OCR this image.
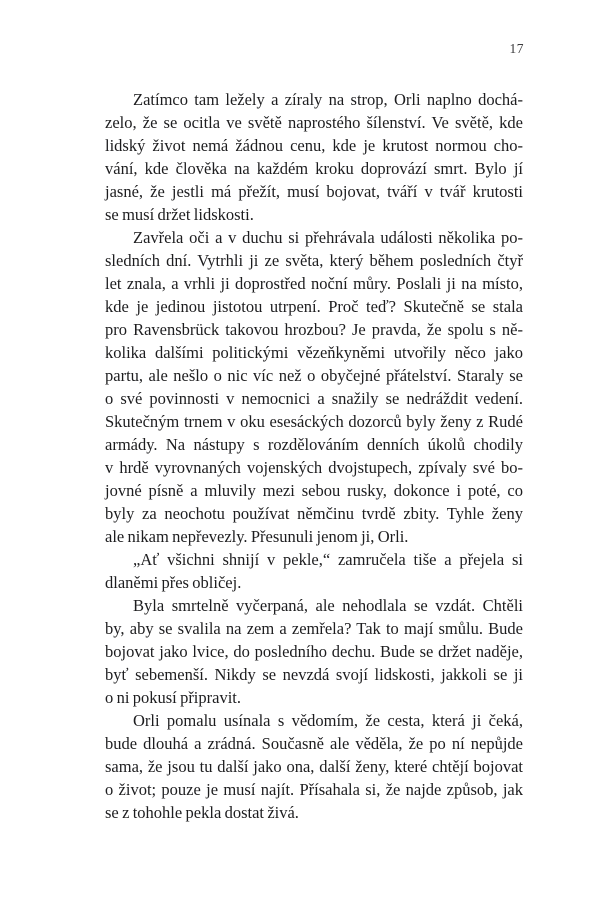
17
Zatímco tam ležely a zíraly na strop, Orli naplno dochá-
zelo, že se ocitla ve světě naprostého šílenství. Ve světě, kde
lidský život nemá žádnou cenu, kde je krutost normou cho-
vání, kde člověka na každém kroku doprovází smrt. Bylo jí
jasné, že jestli má přežít, musí bojovat, tváří v tvář krutosti
se musí držet lidskosti.
Zavřela oči a v duchu si přehrávala události několika po-
sledních dní. Vytrhli ji ze světa, který během posledních čtyř
let znala, a vrhli ji doprostřed noční můry. Poslali ji na místo,
kde je jedinou jistotou utrpení. Proč teď? Skutečně se stala
pro Ravensbrück takovou hrozbou? Je pravda, že spolu s ně-
kolika dalšími politickými vězeňkyněmi utvořily něco jako
partu, ale nešlo o nic víc než o obyčejné přátelství. Staraly se
o své povinnosti v nemocnici a snažily se nedráždit vedení.
Skutečným trnem v oku esesáckých dozorců byly ženy z Rudé
armády. Na nástupy s rozdělováním denních úkolů chodily
v hrdě vyrovnaných vojenských dvojstupech, zpívaly své bo-
jovné písně a mluvily mezi sebou rusky, dokonce i poté, co
byly za neochotu používat němčinu tvrdě zbity. Tyhle ženy
ale nikam nepřevezly. Přesunuli jenom ji, Orli.
„Ať všichni shnijí v pekle,“ zamručela tiše a přejela si
dlaněmi přes obličej.
Byla smrtelně vyčerpaná, ale nehodlala se vzdát. Chtěli
by, aby se svalila na zem a zemřela? Tak to mají smůlu. Bude
bojovat jako lvice, do posledního dechu. Bude se držet naděje,
byť sebemenší. Nikdy se nevzdá svojí lidskosti, jakkoli se ji
o ni pokusí připravit.
Orli pomalu usínala s vědomím, že cesta, která ji čeká,
bude dlouhá a zrádná. Současně ale věděla, že po ní nepůjde
sama, že jsou tu další jako ona, další ženy, které chtějí bojovat
o život; pouze je musí najít. Přísahala si, že najde způsob, jak
se z tohohle pekla dostat živá.
